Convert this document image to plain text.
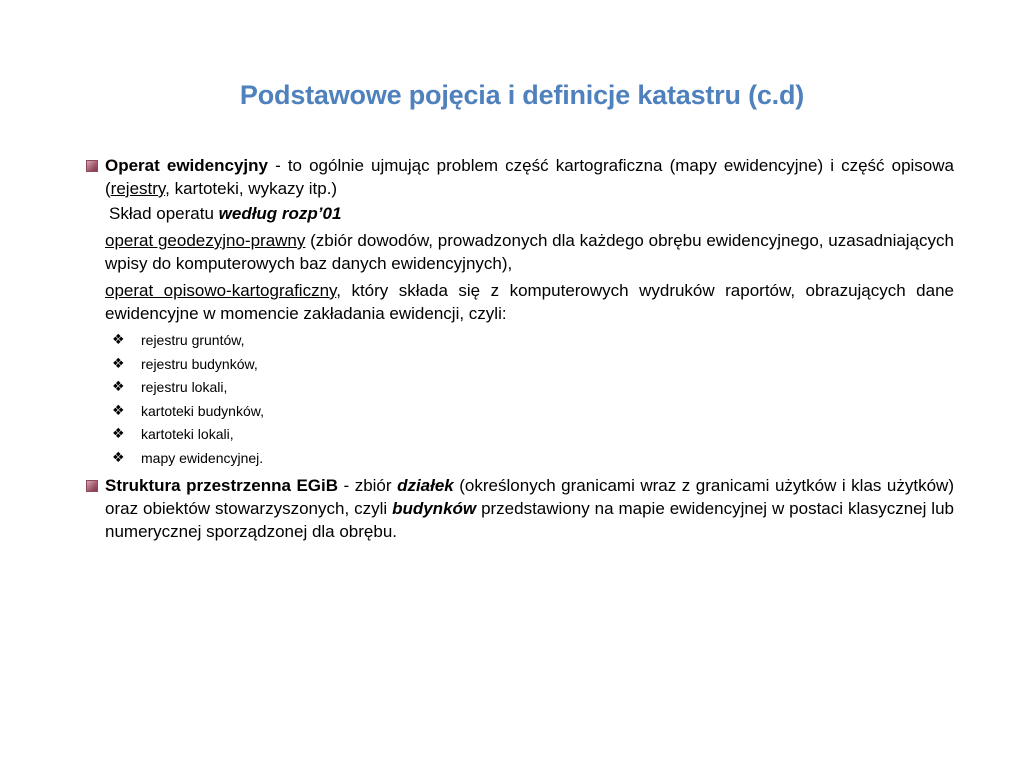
Podstawowe pojęcia i definicje katastru (c.d)
Operat ewidencyjny - to ogólnie ujmując problem część kartograficzna (mapy ewidencyjne) i część opisowa (rejestry, kartoteki, wykazy itp.)
Skład operatu według rozp’01
operat geodezyjno-prawny (zbiór dowodów, prowadzonych dla każdego obrębu ewidencyjnego, uzasadniających wpisy do komputerowych baz danych ewidencyjnych),
operat opisowo-kartograficzny, który składa się z komputerowych wydruków raportów, obrazujących dane ewidencyjne w momencie zakładania ewidencji, czyli:
❖ rejestru gruntów,
❖ rejestru budynków,
❖ rejestru lokali,
❖ kartoteki budynków,
❖ kartoteki lokali,
❖ mapy ewidencyjnej.
Struktura przestrzenna EGiB - zbiór działek (określonych granicami wraz z granicami użytków i klas użytków) oraz obiektów stowarzyszonych, czyli budynków przedstawiony na mapie ewidencyjnej w postaci klasycznej lub numerycznej sporządzonej dla obrębu.
